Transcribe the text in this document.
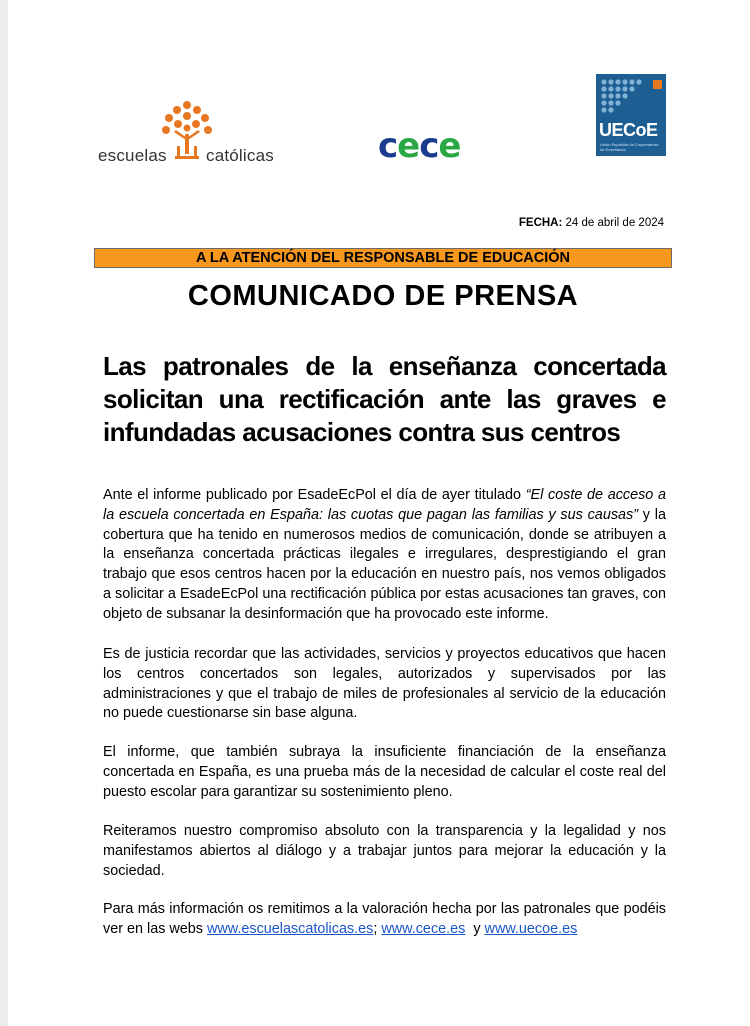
escuelas católicas	cece	UECoE
Unión Española de Cooperativas de Enseñanza
FECHA: 24 de abril de 2024
A LA ATENCIÓN DEL RESPONSABLE DE EDUCACIÓN
COMUNICADO DE PRENSA
Las patronales de la enseñanza concertada solicitan una rectificación ante las graves e infundadas acusaciones contra sus centros
Ante el informe publicado por EsadeEcPol el día de ayer titulado “El coste de acceso a la escuela concertada en España: las cuotas que pagan las familias y sus causas” y la cobertura que ha tenido en numerosos medios de comunicación, donde se atribuyen a la enseñanza concertada prácticas ilegales e irregulares, desprestigiando el gran trabajo que esos centros hacen por la educación en nuestro país, nos vemos obligados a solicitar a EsadeEcPol una rectificación pública por estas acusaciones tan graves, con objeto de subsanar la desinformación que ha provocado este informe.
Es de justicia recordar que las actividades, servicios y proyectos educativos que hacen los centros concertados son legales, autorizados y supervisados por las administraciones y que el trabajo de miles de profesionales al servicio de la educación no puede cuestionarse sin base alguna.
El informe, que también subraya la insuficiente financiación de la enseñanza concertada en España, es una prueba más de la necesidad de calcular el coste real del puesto escolar para garantizar su sostenimiento pleno.
Reiteramos nuestro compromiso absoluto con la transparencia y la legalidad y nos manifestamos abiertos al diálogo y a trabajar juntos para mejorar la educación y la sociedad.
Para más información os remitimos a la valoración hecha por las patronales que podéis ver en las webs www.escuelascatolicas.es; www.cece.es  y www.uecoe.es
